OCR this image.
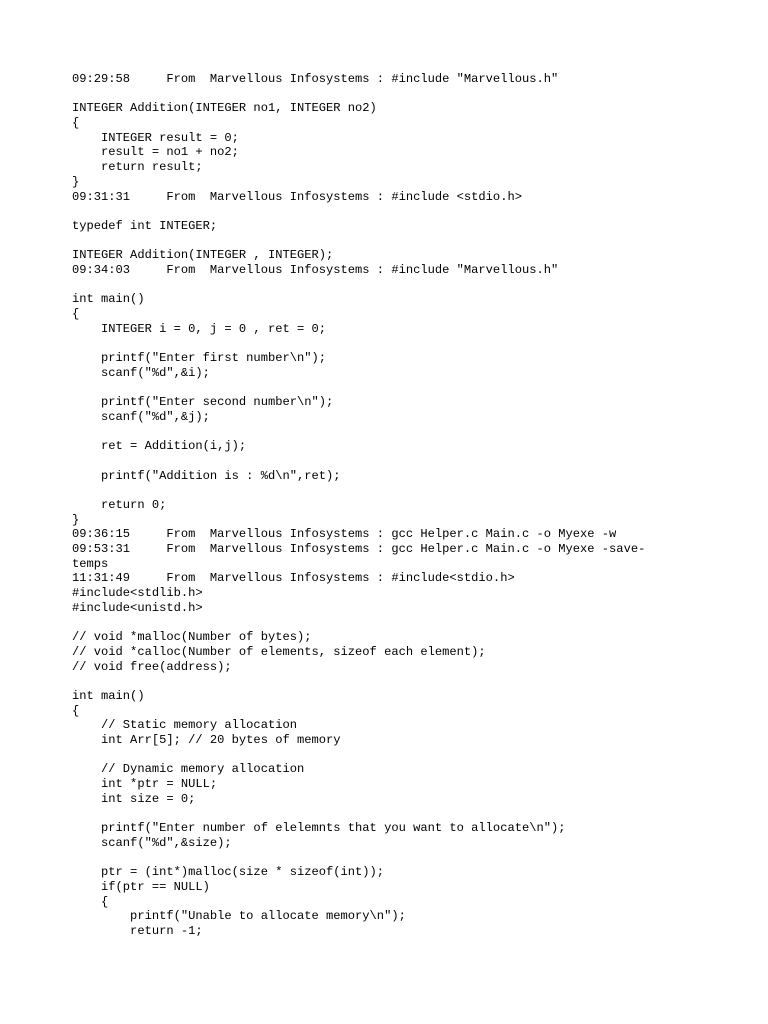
09:29:58     From  Marvellous Infosystems : #include "Marvellous.h"
INTEGER Addition(INTEGER no1, INTEGER no2)
{
INTEGER result = 0;
result = no1 + no2;
return result;
}
09:31:31     From  Marvellous Infosystems : #include <stdio.h>
typedef int INTEGER;
INTEGER Addition(INTEGER , INTEGER);
09:34:03     From  Marvellous Infosystems : #include "Marvellous.h"
int main()
{
INTEGER i = 0, j = 0 , ret = 0;
printf("Enter first number\n");
scanf("%d",&i);
printf("Enter second number\n");
scanf("%d",&j);
ret = Addition(i,j);
printf("Addition is : %d\n",ret);
return 0;
}
09:36:15     From  Marvellous Infosystems : gcc Helper.c Main.c -o Myexe -w
09:53:31     From  Marvellous Infosystems : gcc Helper.c Main.c -o Myexe -save-
temps
11:31:49     From  Marvellous Infosystems : #include<stdio.h>
#include<stdlib.h>
#include<unistd.h>
// void *malloc(Number of bytes);
// void *calloc(Number of elements, sizeof each element);
// void free(address);
int main()
{
// Static memory allocation
int Arr[5]; // 20 bytes of memory
// Dynamic memory allocation
int *ptr = NULL;
int size = 0;
printf("Enter number of elelemnts that you want to allocate\n");
scanf("%d",&size);
ptr = (int*)malloc(size * sizeof(int));
if(ptr == NULL)
{
printf("Unable to allocate memory\n");
return -1;
